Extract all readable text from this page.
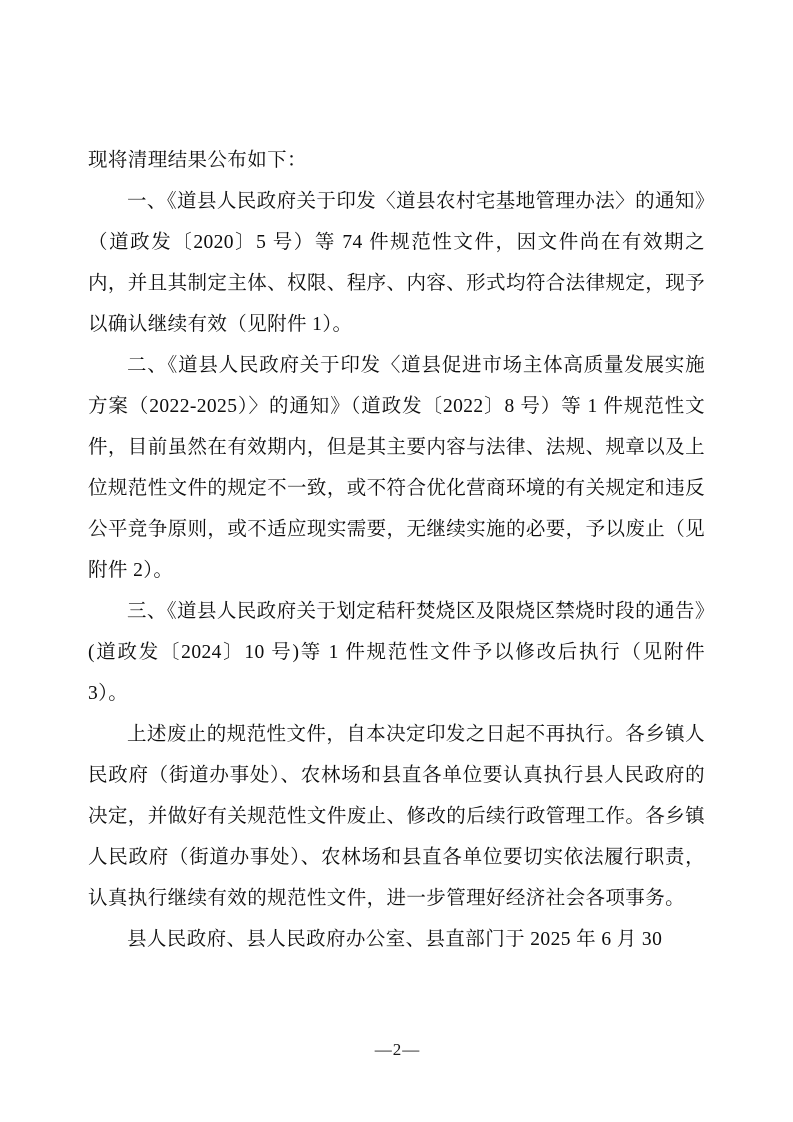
现将清理结果公布如下：

一、《道县人民政府关于印发〈道县农村宅基地管理办法〉的通知》（道政发〔2020〕5 号）等 74 件规范性文件，因文件尚在有效期之内，并且其制定主体、权限、程序、内容、形式均符合法律规定，现予以确认继续有效（见附件 1）。

二、《道县人民政府关于印发〈道县促进市场主体高质量发展实施方案（2022-2025）〉的通知》（道政发〔2022〕8 号）等 1 件规范性文件，目前虽然在有效期内，但是其主要内容与法律、法规、规章以及上位规范性文件的规定不一致，或不符合优化营商环境的有关规定和违反公平竞争原则，或不适应现实需要，无继续实施的必要，予以废止（见附件 2）。

三、《道县人民政府关于划定秸秆焚烧区及限烧区禁烧时段的通告》(道政发〔2024〕10 号)等 1 件规范性文件予以修改后执行（见附件 3）。

上述废止的规范性文件，自本决定印发之日起不再执行。各乡镇人民政府（街道办事处）、农林场和县直各单位要认真执行县人民政府的决定，并做好有关规范性文件废止、修改的后续行政管理工作。各乡镇人民政府（街道办事处）、农林场和县直各单位要切实依法履行职责，认真执行继续有效的规范性文件，进一步管理好经济社会各项事务。

县人民政府、县人民政府办公室、县直部门于 2025 年 6 月 30

—2—
